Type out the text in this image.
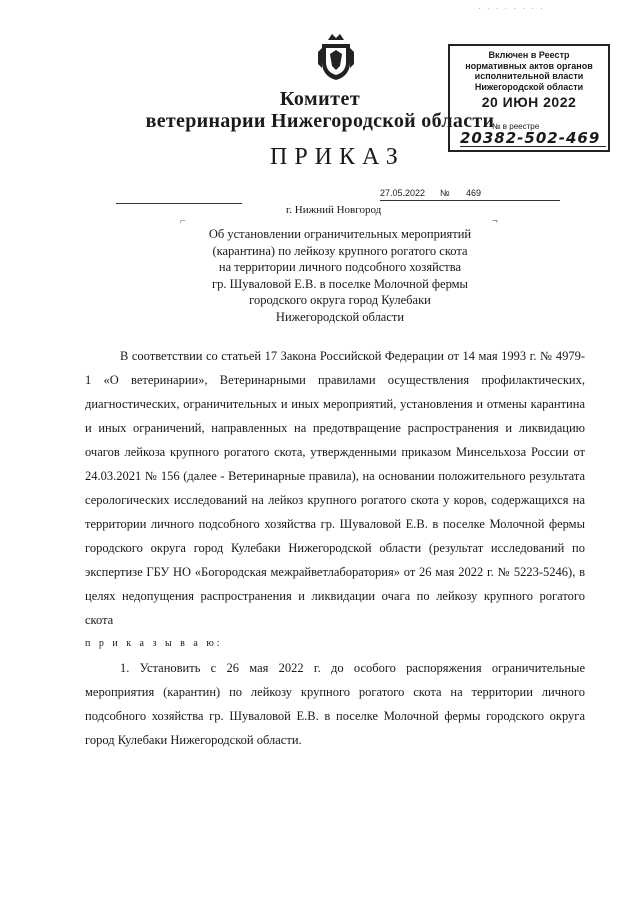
· · · · · · · ·
Комитет
ветеринарии Нижегородской области
ПРИКАЗ
Включен в Реестр
нормативных актов органов
исполнительной власти
Нижегородской области
20 ИЮН 2022
№ в реестре
20382-502-469
27.05.2022 № 469
г. Нижний Новгород
⌐	¬
Об установлении ограничительных мероприятий
(карантина) по лейкозу крупного рогатого скота
на территории личного подсобного хозяйства
гр. Шуваловой Е.В. в поселке Молочной фермы
городского округа город Кулебаки
Нижегородской области

В соответствии со статьей 17 Закона Российской Федерации от 14 мая 1993 г. № 4979-1 «О ветеринарии», Ветеринарными правилами осуществления профилактических, диагностических, ограничительных и иных мероприятий, установления и отмены карантина и иных ограничений, направленных на предотвращение распространения и ликвидацию очагов лейкоза крупного рогатого скота, утвержденными приказом Минсельхоза России от 24.03.2021 № 156 (далее - Ветеринарные правила), на основании положительного результата серологических исследований на лейкоз крупного рогатого скота у коров, содержащихся на территории личного подсобного хозяйства гр. Шуваловой Е.В. в поселке Молочной фермы городского округа город Кулебаки Нижегородской области (результат исследований по экспертизе ГБУ НО «Богородская межрайветлаборатория» от 26 мая 2022 г. № 5223-5246), в целях недопущения распространения и ликвидации очага по лейкозу крупного рогатого скота

п р и к а з ы в а ю:

1. Установить с 26 мая 2022 г. до особого распоряжения ограничительные мероприятия (карантин) по лейкозу крупного рогатого скота на территории личного подсобного хозяйства гр. Шуваловой Е.В. в поселке Молочной фермы городского округа город Кулебаки Нижегородской области.
